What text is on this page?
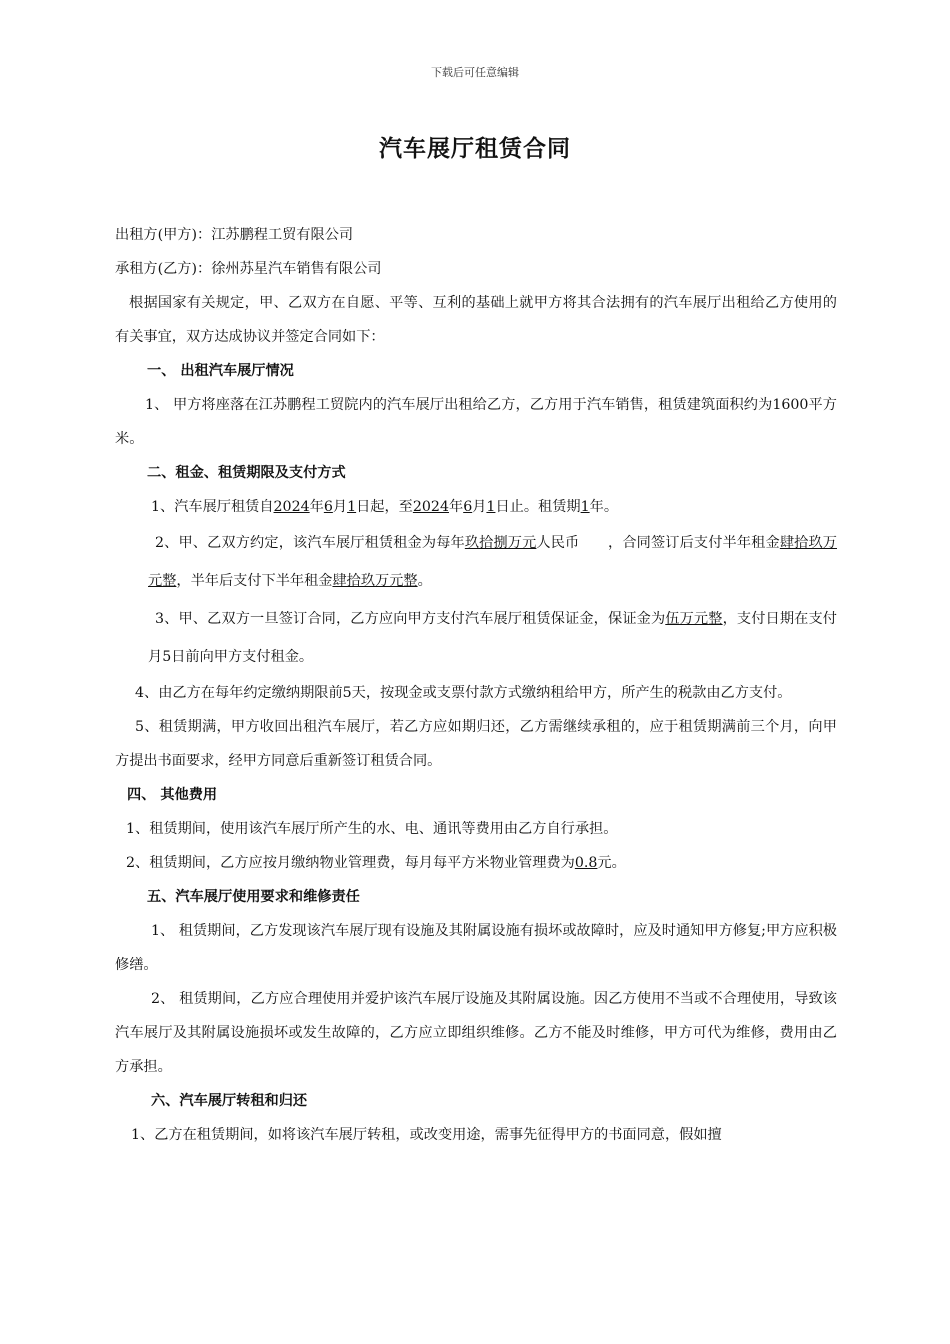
下载后可任意编辑
汽车展厅租赁合同

出租方(甲方)：江苏鹏程工贸有限公司

承租方(乙方)：徐州苏星汽车销售有限公司

根据国家有关规定，甲、乙双方在自愿、平等、互利的基础上就甲方将其合法拥有的汽车展厅出租给乙方使用的有关事宜，双方达成协议并签定合同如下：

一、 出租汽车展厅情况

1、 甲方将座落在江苏鹏程工贸院内的汽车展厅出租给乙方，乙方用于汽车销售，租赁建筑面积约为1600平方米。

二、租金、租赁期限及支付方式

1、汽车展厅租赁自2024年6月1日起，至2024年6月1日止。租赁期1年。

2、甲、乙双方约定，该汽车展厅租赁租金为每年玖拾捌万元人民币　　，合同签订后支付半年租金肆拾玖万元整，半年后支付下半年租金肆拾玖万元整。

3、甲、乙双方一旦签订合同，乙方应向甲方支付汽车展厅租赁保证金，保证金为伍万元整，支付日期在支付月5日前向甲方支付租金。

4、由乙方在每年约定缴纳期限前5天，按现金或支票付款方式缴纳租给甲方，所产生的税款由乙方支付。

5、租赁期满，甲方收回出租汽车展厅，若乙方应如期归还，乙方需继续承租的，应于租赁期满前三个月，向甲方提出书面要求，经甲方同意后重新签订租赁合同。

四、 其他费用

1、租赁期间，使用该汽车展厅所产生的水、电、通讯等费用由乙方自行承担。

2、租赁期间，乙方应按月缴纳物业管理费，每月每平方米物业管理费为0.8元。

五、汽车展厅使用要求和维修责任

1、 租赁期间，乙方发现该汽车展厅现有设施及其附属设施有损坏或故障时，应及时通知甲方修复;甲方应积极修缮。

2、 租赁期间，乙方应合理使用并爱护该汽车展厅设施及其附属设施。因乙方使用不当或不合理使用，导致该汽车展厅及其附属设施损坏或发生故障的，乙方应立即组织维修。乙方不能及时维修，甲方可代为维修，费用由乙方承担。

六、汽车展厅转租和归还

1、乙方在租赁期间，如将该汽车展厅转租，或改变用途，需事先征得甲方的书面同意，假如擅
